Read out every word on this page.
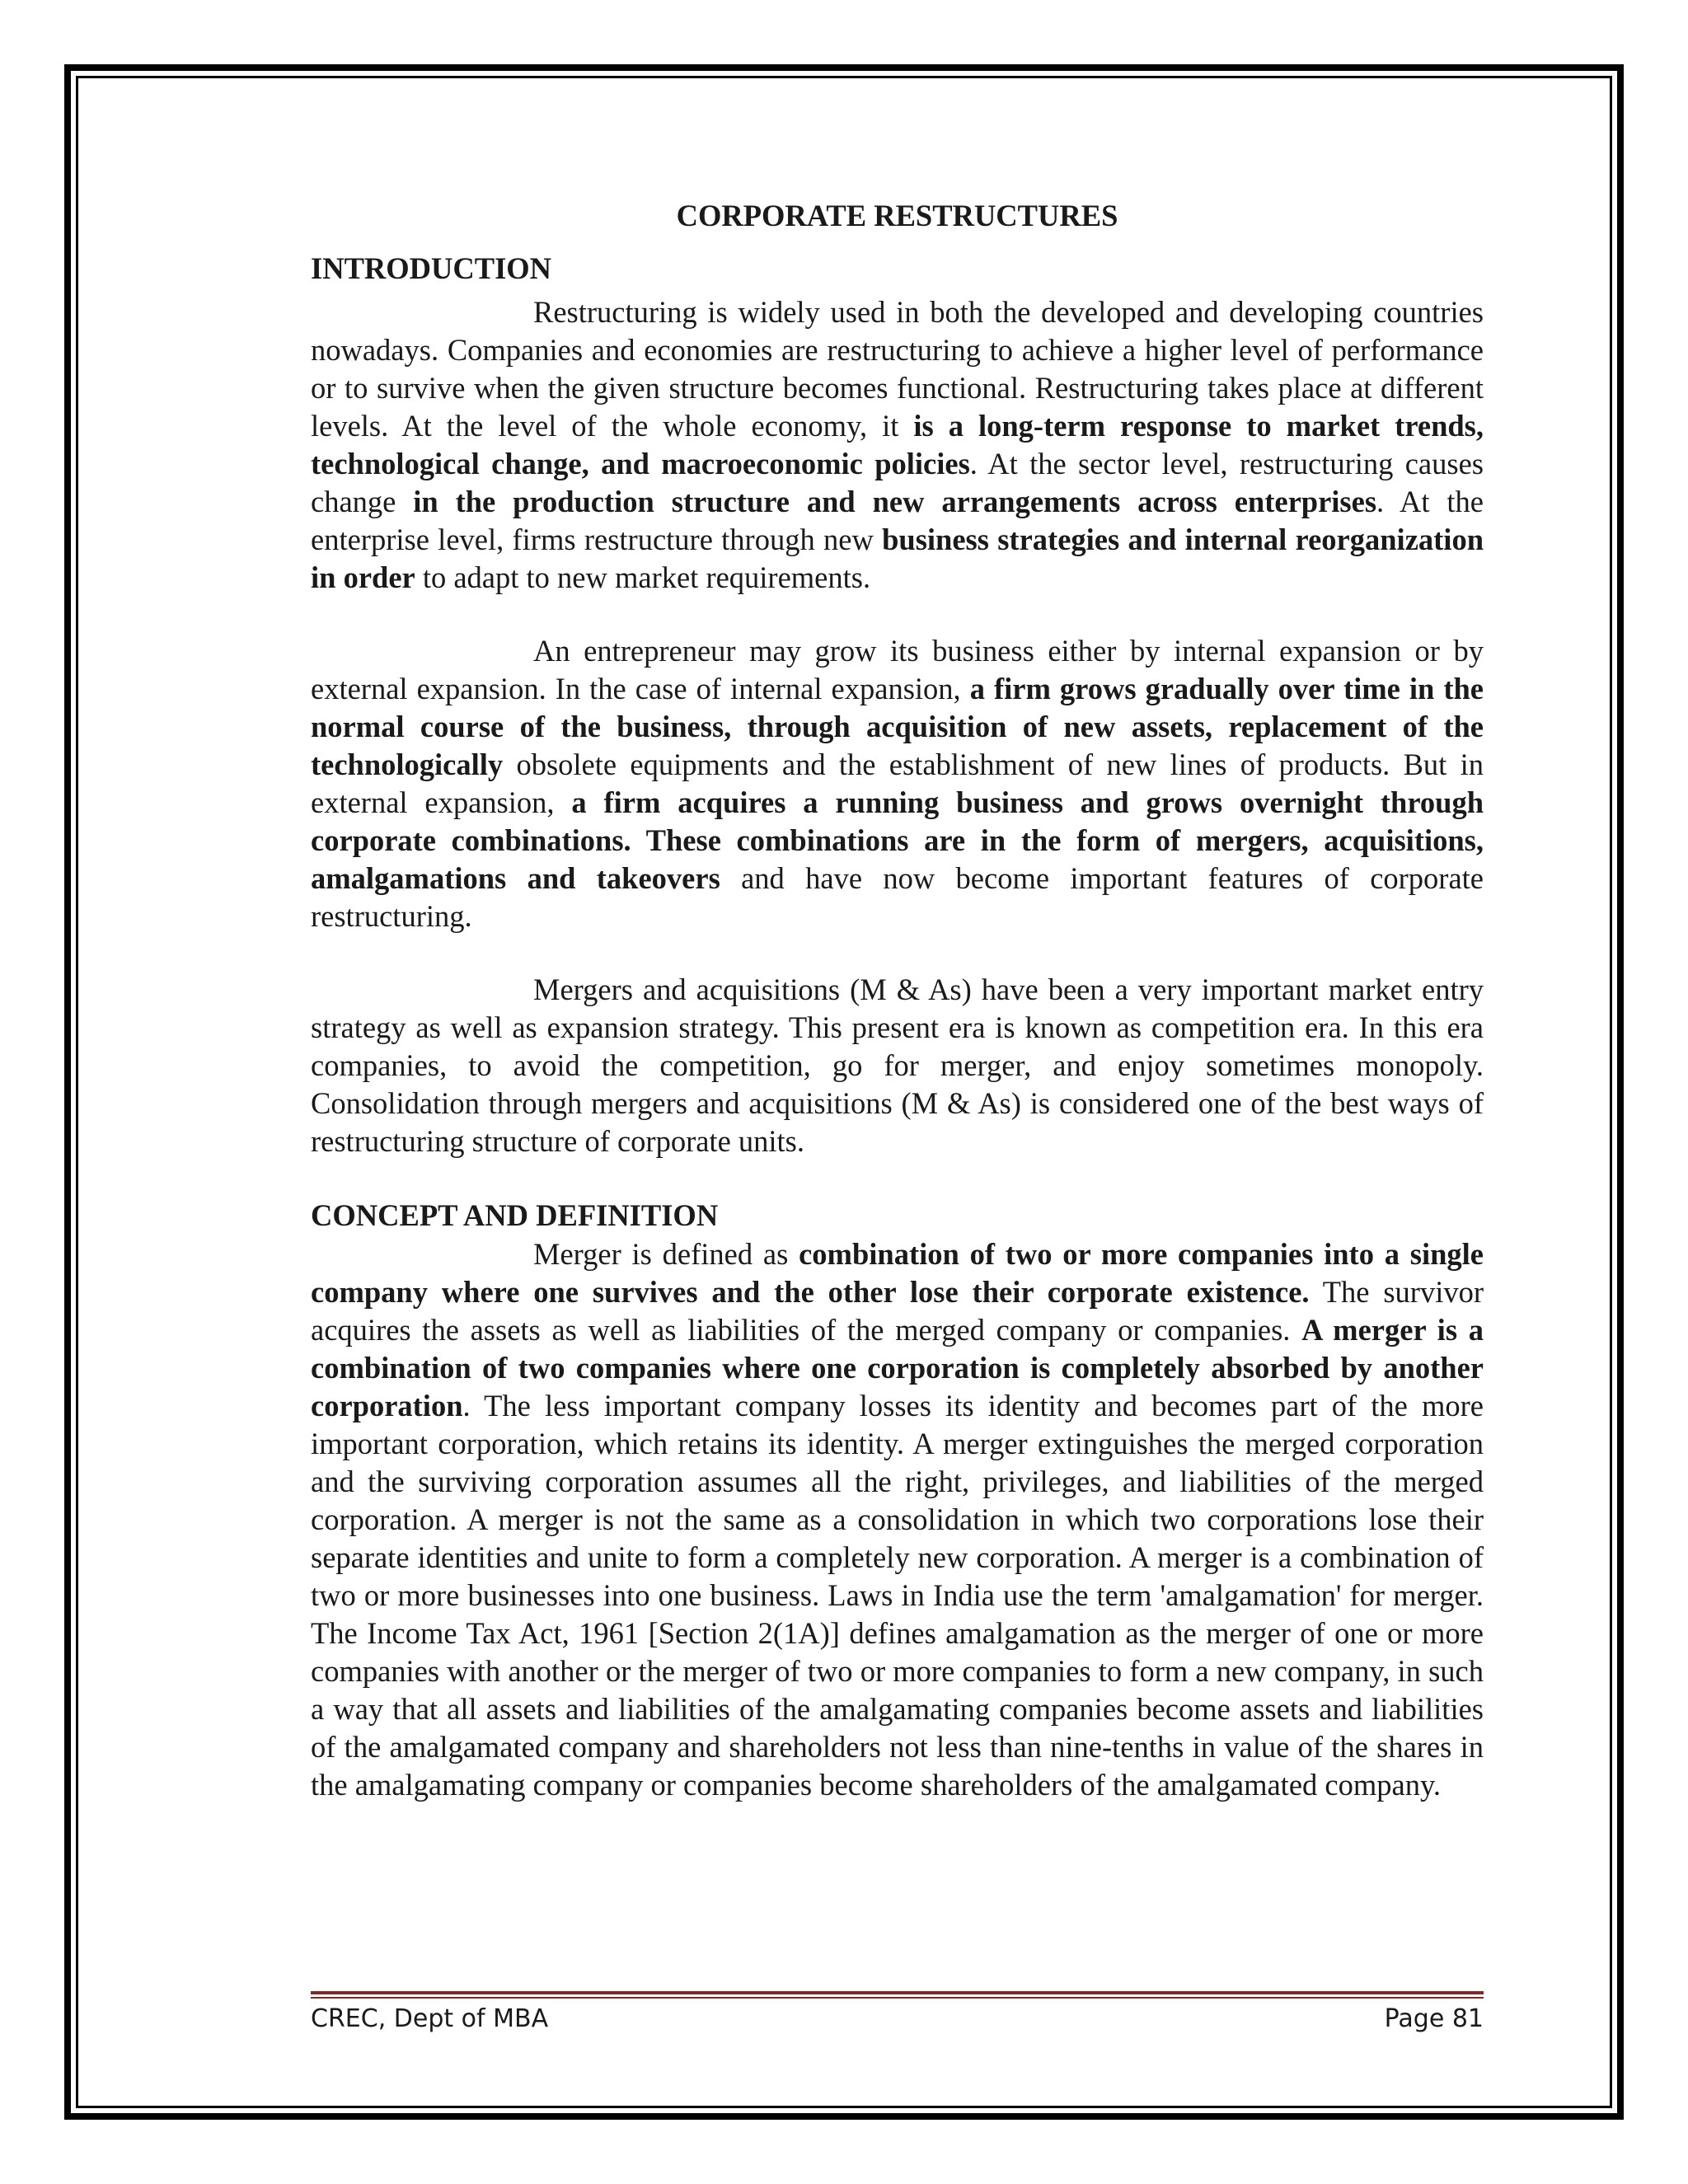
CORPORATE RESTRUCTURES
INTRODUCTION

Restructuring is widely used in both the developed and developing countries nowadays. Companies and economies are restructuring to achieve a higher level of performance or to survive when the given structure becomes functional. Restructuring takes place at different levels. At the level of the whole economy, it is a long-term response to market trends, technological change, and macroeconomic policies. At the sector level, restructuring causes change in the production structure and new arrangements across enterprises. At the enterprise level, firms restructure through new business strategies and internal reorganization in order to adapt to new market requirements.

An entrepreneur may grow its business either by internal expansion or by external expansion. In the case of internal expansion, a firm grows gradually over time in the normal course of the business, through acquisition of new assets, replacement of the technologically obsolete equipments and the establishment of new lines of products. But in external expansion, a firm acquires a running business and grows overnight through corporate combinations. These combinations are in the form of mergers, acquisitions, amalgamations and takeovers and have now become important features of corporate restructuring.

Mergers and acquisitions (M & As) have been a very important market entry strategy as well as expansion strategy. This present era is known as competition era. In this era companies, to avoid the competition, go for merger, and enjoy sometimes monopoly. Consolidation through mergers and acquisitions (M & As) is considered one of the best ways of restructuring structure of corporate units.

CONCEPT AND DEFINITION

Merger is defined as combination of two or more companies into a single company where one survives and the other lose their corporate existence. The survivor acquires the assets as well as liabilities of the merged company or companies. A merger is a combination of two companies where one corporation is completely absorbed by another corporation. The less important company losses its identity and becomes part of the more important corporation, which retains its identity. A merger extinguishes the merged corporation and the surviving corporation assumes all the right, privileges, and liabilities of the merged corporation. A merger is not the same as a consolidation in which two corporations lose their separate identities and unite to form a completely new corporation. A merger is a combination of two or more businesses into one business. Laws in India use the term 'amalgamation' for merger. The Income Tax Act, 1961 [Section 2(1A)] defines amalgamation as the merger of one or more companies with another or the merger of two or more companies to form a new company, in such a way that all assets and liabilities of the amalgamating companies become assets and liabilities of the amalgamated company and shareholders not less than nine-tenths in value of the shares in the amalgamating company or companies become shareholders of the amalgamated company.

CREC, Dept of MBA	Page 81
